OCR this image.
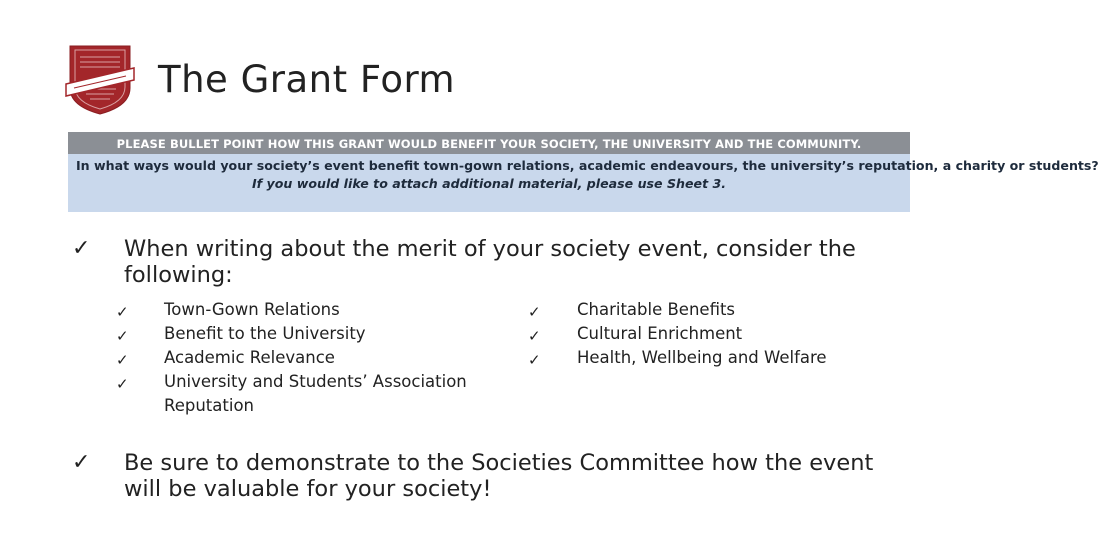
The Grant Form
PLEASE BULLET POINT HOW THIS GRANT WOULD BENEFIT YOUR SOCIETY, THE UNIVERSITY AND THE COMMUNITY.
In what ways would your society’s event benefit town-gown relations, academic endeavours, the university’s reputation, a charity or students?
If you would like to attach additional material, please use Sheet 3.
✓ When writing about the merit of your society event, consider the
following:
✓
✓
✓
✓
Town-Gown Relations
Benefit to the University
Academic Relevance
University and Students’ Association
Reputation
✓
✓
✓
Charitable Benefits
Cultural Enrichment
Health, Wellbeing and Welfare
✓ Be sure to demonstrate to the Societies Committee how the event
will be valuable for your society!
